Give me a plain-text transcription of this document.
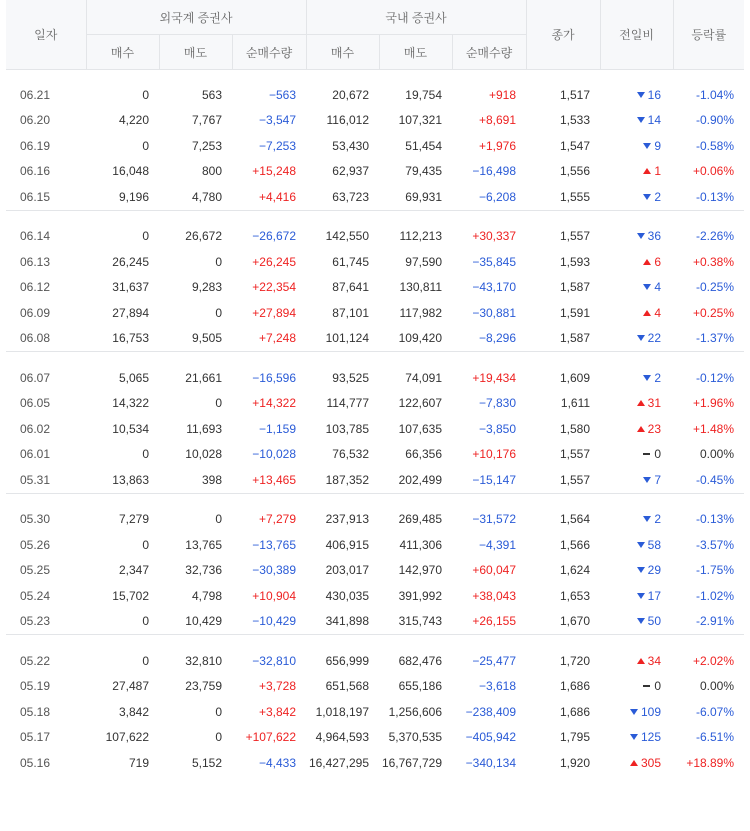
일자	외국계 증권사			국내 증권사			종가	전일비	등락률
	매수	매도	순매수량	매수	매도	순매수량			

06.21	0	563	−563	20,672	19,754	+918	1,517	16	-1.04%
06.20	4,220	7,767	−3,547	116,012	107,321	+8,691	1,533	14	-0.90%
06.19	0	7,253	−7,253	53,430	51,454	+1,976	1,547	9	-0.58%
06.16	16,048	800	+15,248	62,937	79,435	−16,498	1,556	1	+0.06%
06.15	9,196	4,780	+4,416	63,723	69,931	−6,208	1,555	2	-0.13%

06.14	0	26,672	−26,672	142,550	112,213	+30,337	1,557	36	-2.26%
06.13	26,245	0	+26,245	61,745	97,590	−35,845	1,593	6	+0.38%
06.12	31,637	9,283	+22,354	87,641	130,811	−43,170	1,587	4	-0.25%
06.09	27,894	0	+27,894	87,101	117,982	−30,881	1,591	4	+0.25%
06.08	16,753	9,505	+7,248	101,124	109,420	−8,296	1,587	22	-1.37%

06.07	5,065	21,661	−16,596	93,525	74,091	+19,434	1,609	2	-0.12%
06.05	14,322	0	+14,322	114,777	122,607	−7,830	1,611	31	+1.96%
06.02	10,534	11,693	−1,159	103,785	107,635	−3,850	1,580	23	+1.48%
06.01	0	10,028	−10,028	76,532	66,356	+10,176	1,557	0	0.00%
05.31	13,863	398	+13,465	187,352	202,499	−15,147	1,557	7	-0.45%

05.30	7,279	0	+7,279	237,913	269,485	−31,572	1,564	2	-0.13%
05.26	0	13,765	−13,765	406,915	411,306	−4,391	1,566	58	-3.57%
05.25	2,347	32,736	−30,389	203,017	142,970	+60,047	1,624	29	-1.75%
05.24	15,702	4,798	+10,904	430,035	391,992	+38,043	1,653	17	-1.02%
05.23	0	10,429	−10,429	341,898	315,743	+26,155	1,670	50	-2.91%

05.22	0	32,810	−32,810	656,999	682,476	−25,477	1,720	34	+2.02%
05.19	27,487	23,759	+3,728	651,568	655,186	−3,618	1,686	0	0.00%
05.18	3,842	0	+3,842	1,018,197	1,256,606	−238,409	1,686	109	-6.07%
05.17	107,622	0	+107,622	4,964,593	5,370,535	−405,942	1,795	125	-6.51%
05.16	719	5,152	−4,433	16,427,295	16,767,729	−340,134	1,920	305	+18.89%
